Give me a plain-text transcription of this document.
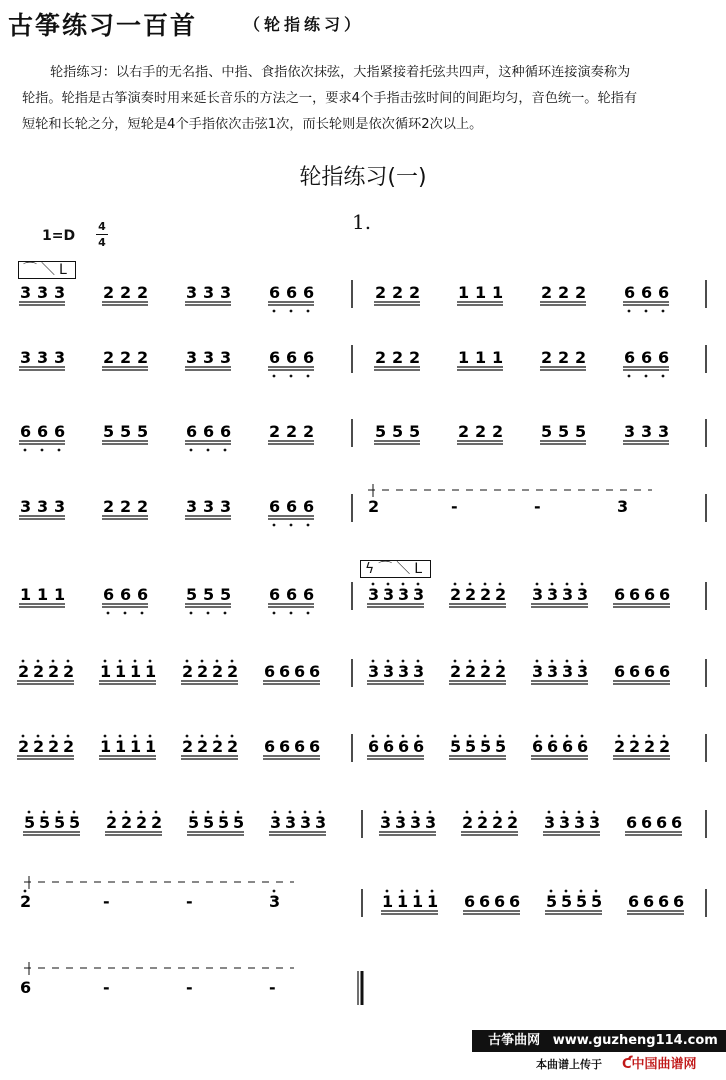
古筝练习一百首	（轮指练习）

轮指练习：以右手的无名指、中指、食指依次抹弦，大指紧接着托弦共四声，这种循环连接演奏称为

轮指。轮指是古筝演奏时用来延长音乐的方法之一，要求4个手指击弦时间的间距均匀，音色统一。轮指有
短轮和长轮之分，短轮是4个手指依次击弦1次，而长轮则是依次循环2次以上。
轮指练习(一)
1.
1=D
4
4
⌒＼L
ϟ⌒＼L
3 3 3 2 2 2 3 3 3 6 6 6	2 2 2 1 1 1 2 2 2 6 6 6
3 3 3 2 2 2 3 3 3 6 6 6	2 2 2 1 1 1 2 2 2 6 6 6
6 6 6 5 5 5 6 6 6 2 2 2	5 5 5 2 2 2 5 5 5 3 3 3
3 3 3 2 2 2 3 3 3 6 6 6	2	-	-	3
1 1 1 6 6 6 5 5 5 6 6 6	3 3 3 3 2 2 2 2 3 3 3 3 6 6 6 6
2 2 2 2 1 1 1 1 2 2 2 2 6 6 6 6	3 3 3 3 2 2 2 2 3 3 3 3 6 6 6 6
2 2 2 2 1 1 1 1 2 2 2 2 6 6 6 6	6 6 6 6 5 5 5 5 6 6 6 6 2 2 2 2
5 5 5 5 2 2 2 2 5 5 5 5 3 3 3 3	3 3 3 3 2 2 2 2 3 3 3 3 6 6 6 6
2	-	-	3	1 1 1 1 6 6 6 6 5 5 5 5 6 6 6 6
6	-	-	-
古筝曲网 www.guzheng114.com
本曲谱上传于 Ƈ中国曲谱网
